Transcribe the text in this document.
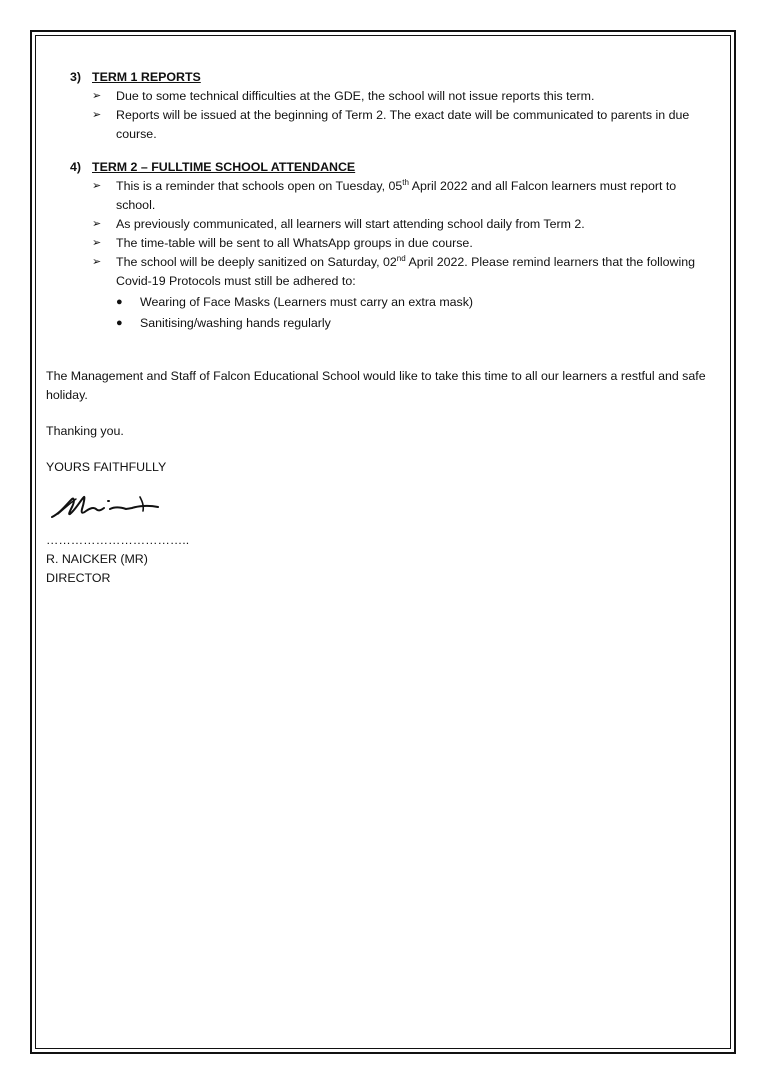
3) TERM 1 REPORTS
➢	Due to some technical difficulties at the GDE, the school will not issue reports this term.
➢	Reports will be issued at the beginning of Term 2. The exact date will be communicated to parents in due course.
4) TERM 2 – FULLTIME SCHOOL ATTENDANCE
➢	This is a reminder that schools open on Tuesday, 05th April 2022 and all Falcon learners must report to school.
➢	As previously communicated, all learners will start attending school daily from Term 2.
➢	The time-table will be sent to all WhatsApp groups in due course.
➢	The school will be deeply sanitized on Saturday, 02nd April 2022. Please remind learners that the following Covid-19 Protocols must still be adhered to:
●	Wearing of Face Masks (Learners must carry an extra mask)
●	Sanitising/washing hands regularly

The Management and Staff of Falcon Educational School would like to take this time to all our learners a restful and safe holiday.

Thanking you.

YOURS FAITHFULLY

……………………………..

R. NAICKER (MR)

DIRECTOR
